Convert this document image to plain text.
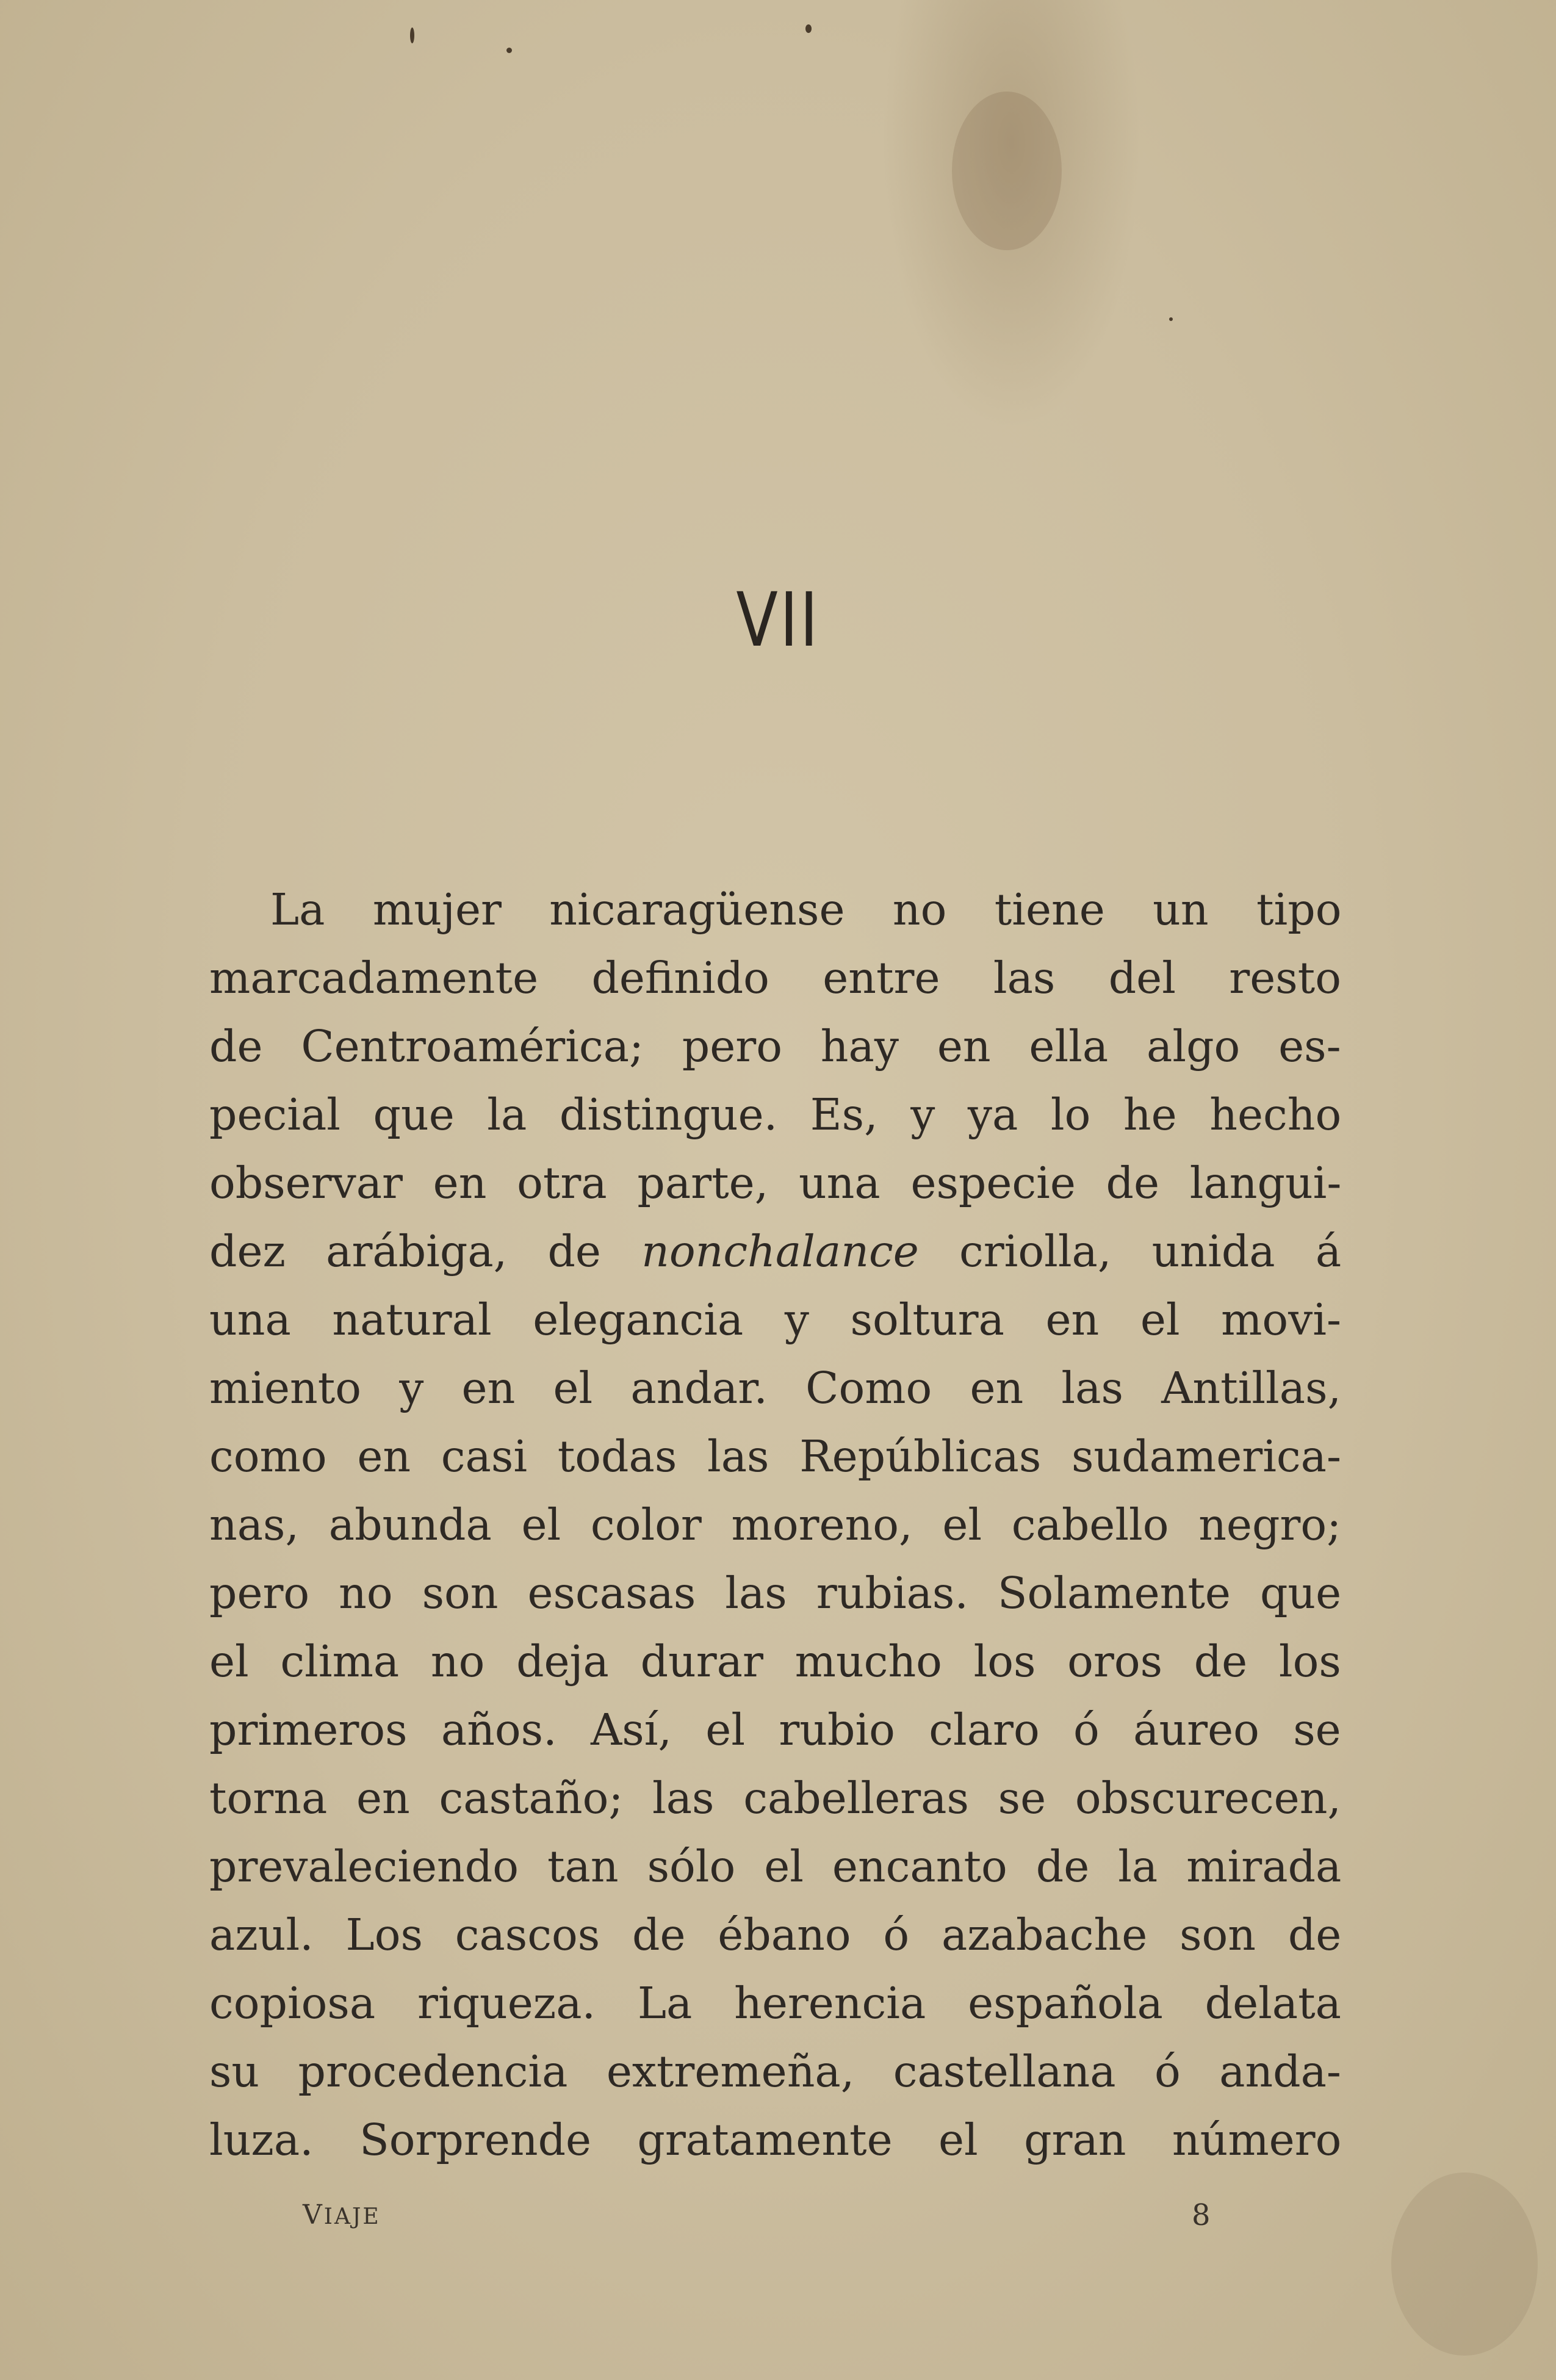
VII
La mujer nicaragüense no tiene un tipo
marcadamente definido entre las del resto
de Centroamérica; pero hay en ella algo es-
pecial que la distingue. Es, y ya lo he hecho
observar en otra parte, una especie de langui-
dez arábiga, de nonchalance criolla, unida á
una natural elegancia y soltura en el movi-
miento y en el andar. Como en las Antillas,
como en casi todas las Repúblicas sudamerica-
nas, abunda el color moreno, el cabello negro;
pero no son escasas las rubias. Solamente que
el clima no deja durar mucho los oros de los
primeros años. Así, el rubio claro ó áureo se
torna en castaño; las cabelleras se obscurecen,
prevaleciendo tan sólo el encanto de la mirada
azul. Los cascos de ébano ó azabache son de
copiosa riqueza. La herencia española delata
su procedencia extremeña, castellana ó anda-
luza. Sorprende gratamente el gran número
VIAJE	8
